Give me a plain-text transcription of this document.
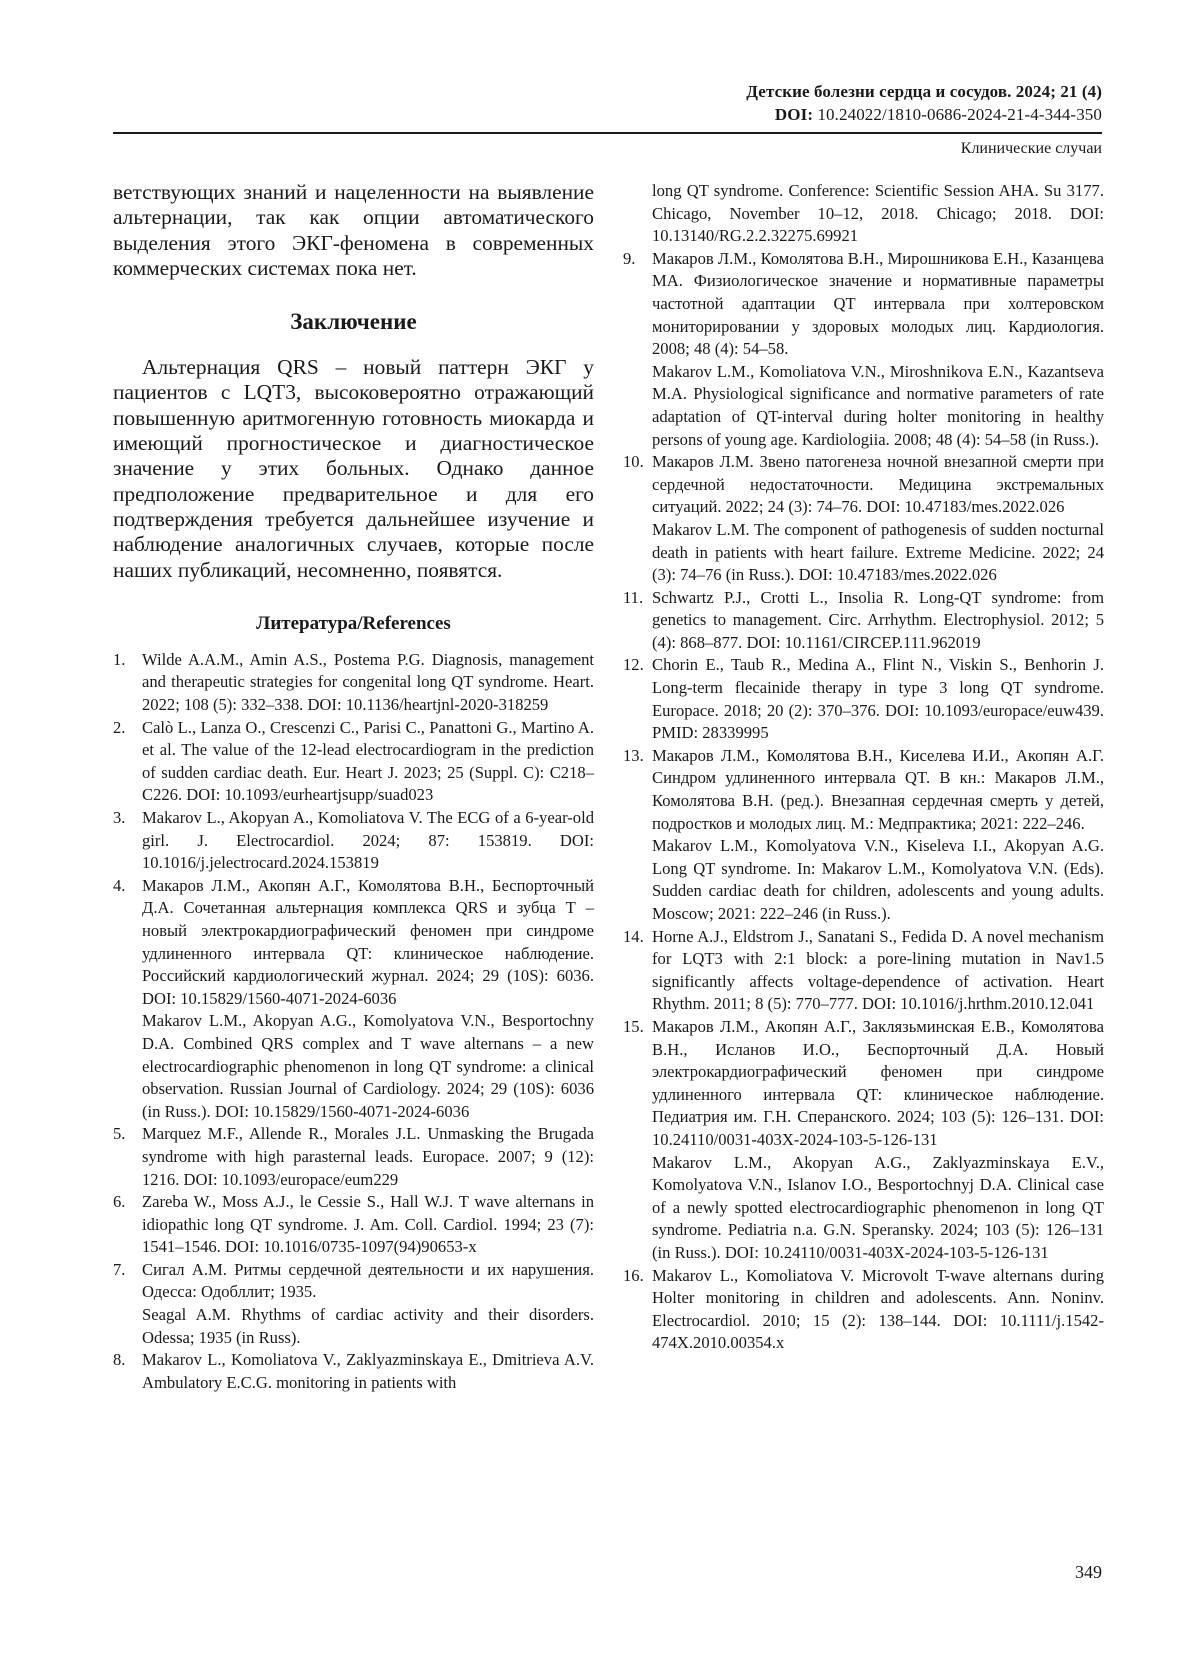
Детские болезни сердца и сосудов. 2024; 21 (4)
DOI: 10.24022/1810-0686-2024-21-4-344-350
Клинические случаи

ветствующих знаний и нацеленности на выявление альтернации, так как опции автоматического выделения этого ЭКГ-феномена в современных коммерческих системах пока нет.

Заключение

Альтернация QRS – новый паттерн ЭКГ у пациентов с LQT3, высоковероятно отражающий повышенную аритмогенную готовность миокарда и имеющий прогностическое и диагностическое значение у этих больных. Однако данное предположение предварительное и для его подтверждения требуется дальнейшее изучение и наблюдение аналогичных случаев, которые после наших публикаций, несомненно, появятся.

Литература/References
1. Wilde A.A.M., Amin A.S., Postema P.G. Diagnosis, management and therapeutic strategies for congenital long QT syndrome. Heart. 2022; 108 (5): 332–338. DOI: 10.1136/heartjnl-2020-318259
2. Calò L., Lanza O., Crescenzi C., Parisi C., Panattoni G., Martino A. et al. The value of the 12-lead electrocardiogram in the prediction of sudden cardiac death. Eur. Heart J. 2023; 25 (Suppl. C): C218–C226. DOI: 10.1093/eurheartjsupp/suad023
3. Makarov L., Akopyan A., Komoliatova V. The ECG of a 6-year-old girl. J. Electrocardiol. 2024; 87: 153819. DOI: 10.1016/j.jelectrocard.2024.153819
4. Макаров Л.М., Акопян А.Г., Комолятова В.Н., Беспорточный Д.А. Сочетанная альтернация комплекса QRS и зубца Т – новый электрокардиографический феномен при синдроме удлиненного интервала QT: клиническое наблюдение. Российский кардиологический журнал. 2024; 29 (10S): 6036. DOI: 10.15829/1560-4071-2024-6036
Makarov L.M., Akopyan A.G., Komolyatova V.N., Besportochny D.A. Combined QRS complex and T wave alternans – a new electrocardiographic phenomenon in long QT syndrome: a clinical observation. Russian Journal of Cardiology. 2024; 29 (10S): 6036 (in Russ.). DOI: 10.15829/1560-4071-2024-6036
5. Marquez M.F., Allende R., Morales J.L. Unmasking the Brugada syndrome with high parasternal leads. Europace. 2007; 9 (12): 1216. DOI: 10.1093/europace/eum229
6. Zareba W., Moss A.J., le Cessie S., Hall W.J. T wave alternans in idiopathic long QT syndrome. J. Am. Coll. Cardiol. 1994; 23 (7): 1541–1546. DOI: 10.1016/0735-1097(94)90653-x
7. Сигал А.М. Ритмы сердечной деятельности и их нарушения. Одесса: Одобллит; 1935.
Seagal A.M. Rhythms of cardiac activity and their disorders. Odessa; 1935 (in Russ).
8. Makarov L., Komoliatova V., Zaklyazminskaya E., Dmitrieva A.V. Ambulatory E.C.G. monitoring in patients with
long QT syndrome. Conference: Scientific Session AHA. Su 3177. Chicago, November 10–12, 2018. Chicago; 2018. DOI: 10.13140/RG.2.2.32275.69921
9. Макаров Л.М., Комолятова В.Н., Мирошникова Е.Н., Казанцева МА. Физиологическое значение и нормативные параметры частотной адаптации QT интервала при холтеровском мониторировании у здоровых молодых лиц. Кардиология. 2008; 48 (4): 54–58.
Makarov L.M., Komoliatova V.N., Miroshnikova E.N., Kazantseva M.A. Physiological significance and normative parameters of rate adaptation of QT-interval during holter monitoring in healthy persons of young age. Kardiologiia. 2008; 48 (4): 54–58 (in Russ.).
10. Макаров Л.М. Звено патогенеза ночной внезапной смерти при сердечной недостаточности. Медицина экстремальных ситуаций. 2022; 24 (3): 74–76. DOI: 10.47183/mes.2022.026
Makarov L.M. The component of pathogenesis of sudden nocturnal death in patients with heart failure. Extreme Medicine. 2022; 24 (3): 74–76 (in Russ.). DOI: 10.47183/mes.2022.026
11. Schwartz P.J., Crotti L., Insolia R. Long-QT syndrome: from genetics to management. Circ. Arrhythm. Electrophysiol. 2012; 5 (4): 868–877. DOI: 10.1161/CIRCEP.111.962019
12. Chorin E., Taub R., Medina A., Flint N., Viskin S., Benhorin J. Long-term flecainide therapy in type 3 long QT syndrome. Europace. 2018; 20 (2): 370–376. DOI: 10.1093/europace/euw439. PMID: 28339995
13. Макаров Л.М., Комолятова В.Н., Киселева И.И., Акопян А.Г. Синдром удлиненного интервала QT. В кн.: Макаров Л.М., Комолятова В.Н. (ред.). Внезапная сердечная смерть у детей, подростков и молодых лиц. М.: Медпрактика; 2021: 222–246.
Makarov L.M., Komolyatova V.N., Kiseleva I.I., Akopyan A.G. Long QT syndrome. In: Makarov L.M., Komolyatova V.N. (Eds). Sudden cardiac death for children, adolescents and young adults. Moscow; 2021: 222–246 (in Russ.).
14. Horne A.J., Eldstrom J., Sanatani S., Fedida D. A novel mechanism for LQT3 with 2:1 block: a pore-lining mutation in Nav1.5 significantly affects voltage-dependence of activation. Heart Rhythm. 2011; 8 (5): 770–777. DOI: 10.1016/j.hrthm.2010.12.041
15. Макаров Л.М., Акопян А.Г., Заклязьминская Е.В., Комолятова В.Н., Исланов И.О., Беспорточный Д.А. Новый электрокардиографический феномен при синдроме удлиненного интервала QT: клиническое наблюдение. Педиатрия им. Г.Н. Сперанского. 2024; 103 (5): 126–131. DOI: 10.24110/0031-403X-2024-103-5-126-131
Makarov L.M., Akopyan A.G., Zaklyazminskaya E.V., Komolyatova V.N., Islanov I.O., Besportochnyj D.A. Clinical case of a newly spotted electrocardiographic phenomenon in long QT syndrome. Pediatria n.a. G.N. Speransky. 2024; 103 (5): 126–131 (in Russ.). DOI: 10.24110/0031-403X-2024-103-5-126-131
16. Makarov L., Komoliatova V. Microvolt T-wave alternans during Holter monitoring in children and adolescents. Ann. Noninv. Electrocardiol. 2010; 15 (2): 138–144. DOI: 10.1111/j.1542-474X.2010.00354.x
349
